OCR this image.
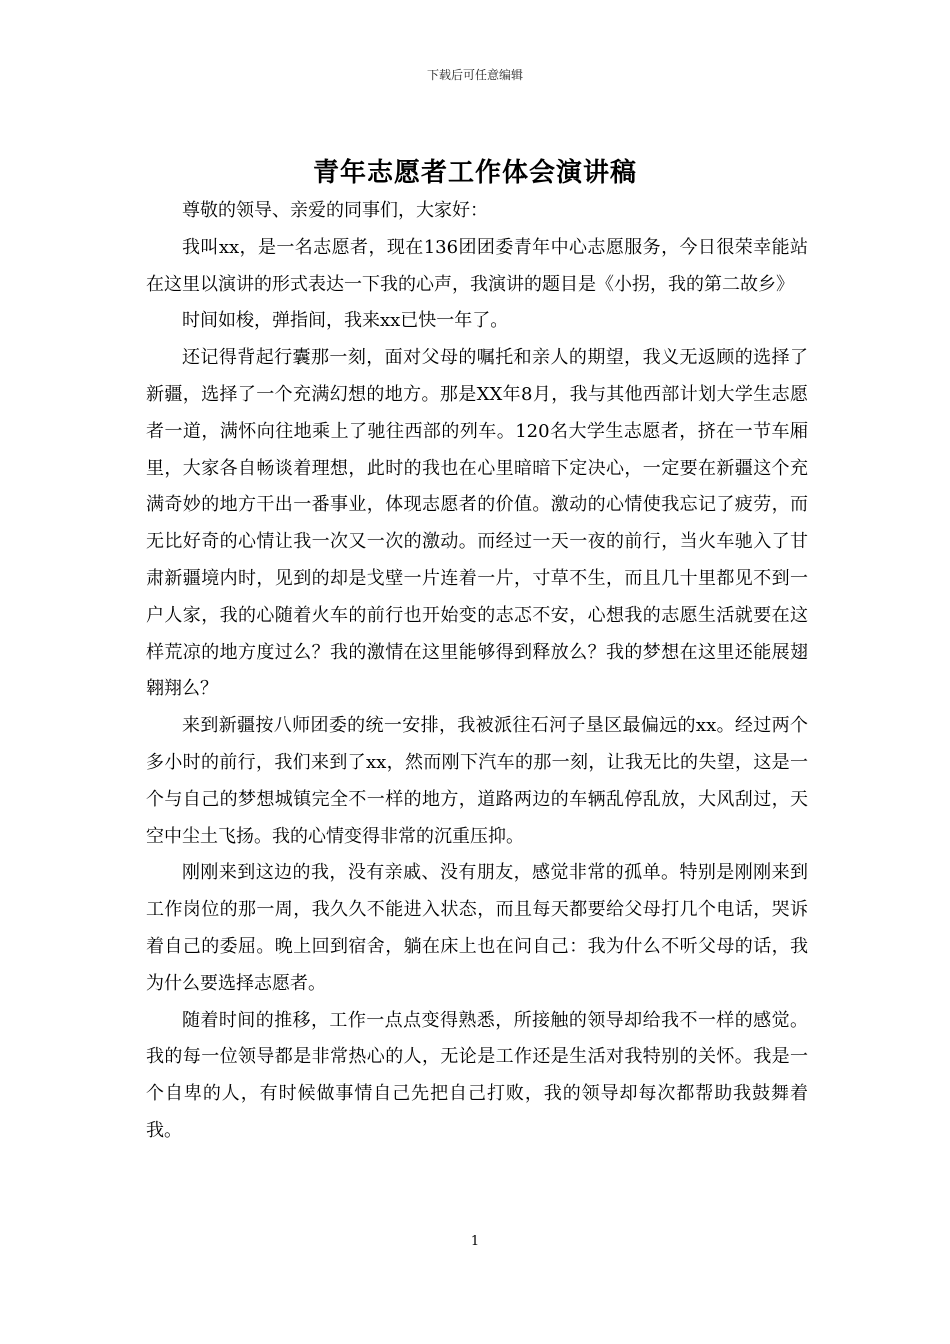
下载后可任意编辑
青年志愿者工作体会演讲稿

尊敬的领导、亲爱的同事们，大家好：

我叫xx，是一名志愿者，现在136团团委青年中心志愿服务，今日很荣幸能站在这里以演讲的形式表达一下我的心声，我演讲的题目是《小拐，我的第二故乡》

时间如梭，弹指间，我来xx已快一年了。

还记得背起行囊那一刻，面对父母的嘱托和亲人的期望，我义无返顾的选择了新疆，选择了一个充满幻想的地方。那是XX年8月，我与其他西部计划大学生志愿者一道，满怀向往地乘上了驰往西部的列车。120名大学生志愿者，挤在一节车厢里，大家各自畅谈着理想，此时的我也在心里暗暗下定决心，一定要在新疆这个充满奇妙的地方干出一番事业，体现志愿者的价值。激动的心情使我忘记了疲劳，而无比好奇的心情让我一次又一次的激动。而经过一天一夜的前行，当火车驰入了甘肃新疆境内时，见到的却是戈壁一片连着一片，寸草不生，而且几十里都见不到一户人家，我的心随着火车的前行也开始变的志忑不安，心想我的志愿生活就要在这样荒凉的地方度过么？我的激情在这里能够得到释放么？我的梦想在这里还能展翅翱翔么？

来到新疆按八师团委的统一安排，我被派往石河子垦区最偏远的xx。经过两个多小时的前行，我们来到了xx，然而刚下汽车的那一刻，让我无比的失望，这是一个与自己的梦想城镇完全不一样的地方，道路两边的车辆乱停乱放，大风刮过，天空中尘土飞扬。我的心情变得非常的沉重压抑。

刚刚来到这边的我，没有亲戚、没有朋友，感觉非常的孤单。特别是刚刚来到工作岗位的那一周，我久久不能进入状态，而且每天都要给父母打几个电话，哭诉着自己的委屈。晚上回到宿舍，躺在床上也在问自己：我为什么不听父母的话，我为什么要选择志愿者。

随着时间的推移，工作一点点变得熟悉，所接触的领导却给我不一样的感觉。我的每一位领导都是非常热心的人，无论是工作还是生活对我特别的关怀。我是一个自卑的人，有时候做事情自己先把自己打败，我的领导却每次都帮助我鼓舞着我。

1
